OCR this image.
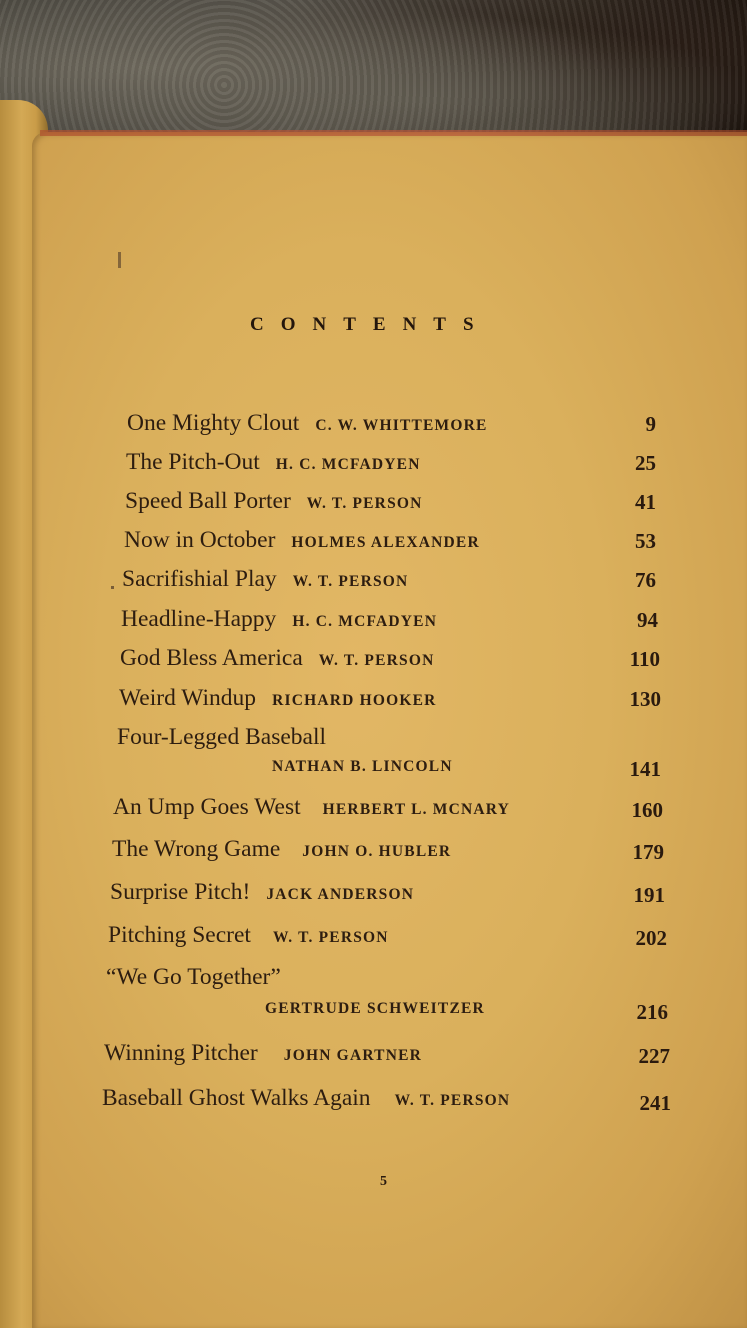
CONTENTS
One Mighty Clout C. W. WHITTEMORE	9
The Pitch-Out H. C. MCFADYEN	25
Speed Ball Porter W. T. PERSON	41
Now in October HOLMES ALEXANDER	53
Sacrifishial Play W. T. PERSON	76
Headline-Happy H. C. MCFADYEN	94
God Bless America W. T. PERSON	110
Weird Windup RICHARD HOOKER	130
Four-Legged Baseball
NATHAN B. LINCOLN	141
An Ump Goes West HERBERT L. MCNARY	160
The Wrong Game JOHN O. HUBLER	179
Surprise Pitch! JACK ANDERSON	191
Pitching Secret W. T. PERSON	202
“We Go Together”
GERTRUDE SCHWEITZER	216
Winning Pitcher JOHN GARTNER	227
Baseball Ghost Walks Again W. T. PERSON	241
5
